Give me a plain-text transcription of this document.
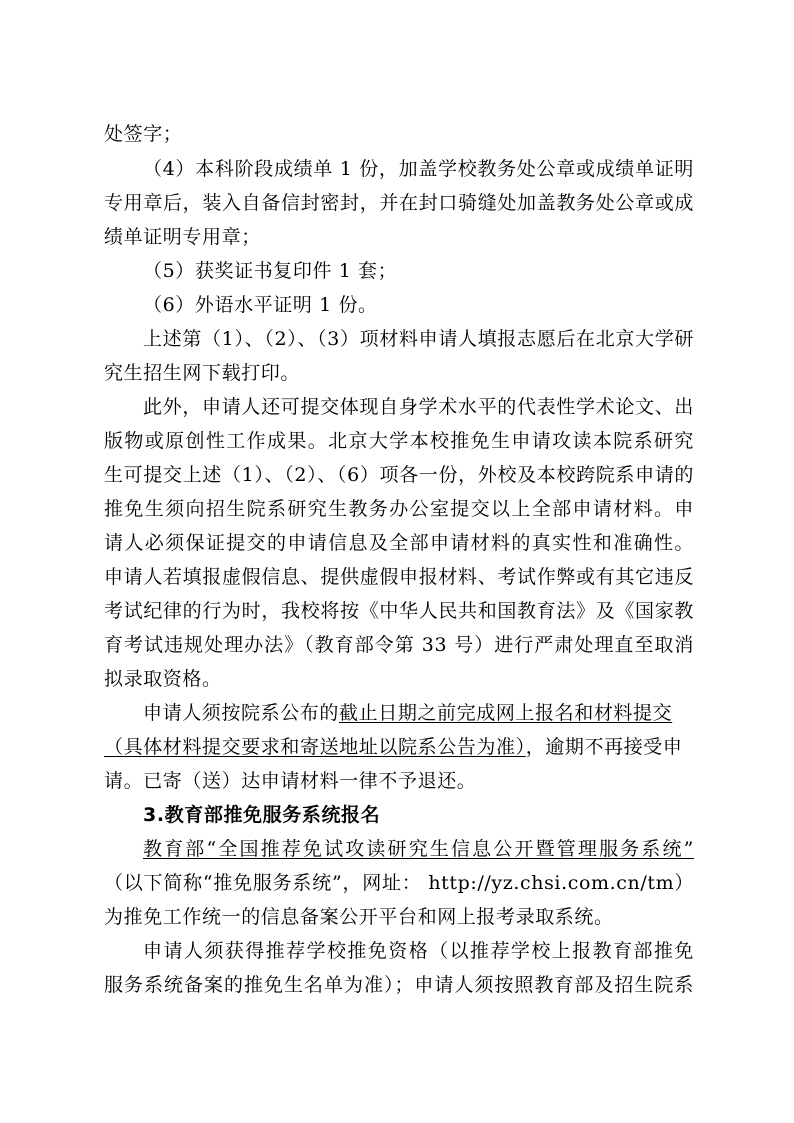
处签字；
（4）本科阶段成绩单 1 份，加盖学校教务处公章或成绩单证明
专用章后，装入自备信封密封，并在封口骑缝处加盖教务处公章或成
绩单证明专用章；
（5）获奖证书复印件 1 套；
（6）外语水平证明 1 份。
上述第（1）、（2）、（3）项材料申请人填报志愿后在北京大学研
究生招生网下载打印。
此外，申请人还可提交体现自身学术水平的代表性学术论文、出
版物或原创性工作成果。北京大学本校推免生申请攻读本院系研究
生可提交上述（1）、（2）、（6）项各一份，外校及本校跨院系申请的
推免生须向招生院系研究生教务办公室提交以上全部申请材料。申
请人必须保证提交的申请信息及全部申请材料的真实性和准确性。
申请人若填报虚假信息、提供虚假申报材料、考试作弊或有其它违反
考试纪律的行为时，我校将按《中华人民共和国教育法》及《国家教
育考试违规处理办法》（教育部令第 33 号）进行严肃处理直至取消
拟录取资格。
申请人须按院系公布的截止日期之前完成网上报名和材料提交
（具体材料提交要求和寄送地址以院系公告为准），逾期不再接受申
请。已寄（送）达申请材料一律不予退还。
3.教育部推免服务系统报名
教育部“全国推荐免试攻读研究生信息公开暨管理服务系统”
（以下简称“推免服务系统”，网址： http://yz.chsi.com.cn/tm）
为推免工作统一的信息备案公开平台和网上报考录取系统。
申请人须获得推荐学校推免资格（以推荐学校上报教育部推免
服务系统备案的推免生名单为准）；申请人须按照教育部及招生院系
